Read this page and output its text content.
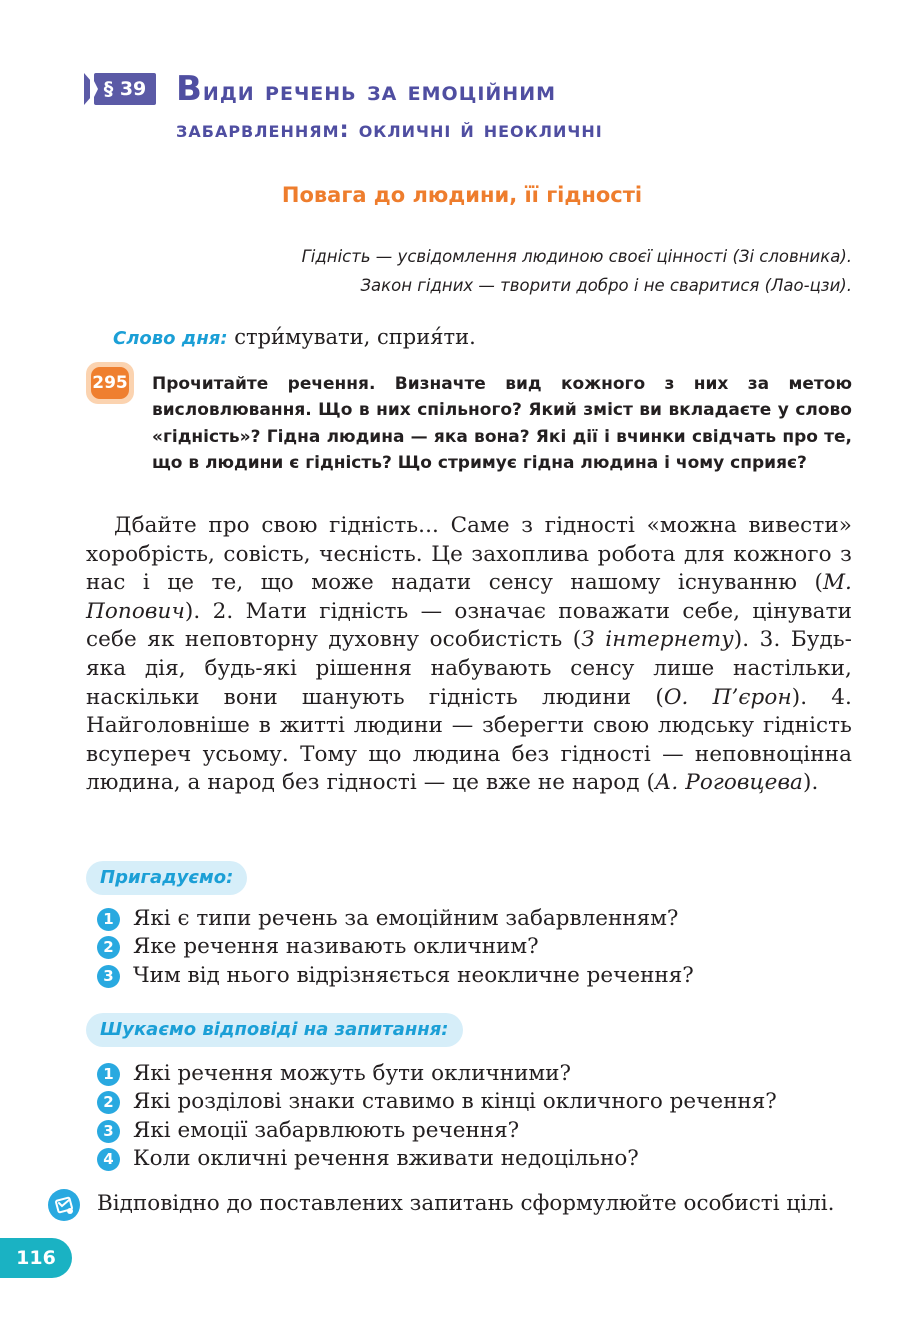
§ 39 Види речень за емоційним
забарвленням: окличні й неокличні
Повага до людини, її гідності
Гідність — усвідомлення людиною своєї цінності (Зі словника).
Закон гідних — творити добро і не сваритися (Лао-цзи).
Слово дня: стри́мувати, сприя́ти.
295 Прочитайте речення. Визначте вид кожного з них за метою висловлювання. Що в них спільного? Який зміст ви вкладаєте у слово «гідність»? Гідна людина — яка вона? Які дії і вчинки свідчать про те, що в людини є гідність? Що стримує гідна людина і чому сприяє?

Дбайте про свою гідність... Саме з гідності «можна вивести» хоробрість, совість, чесність. Це захоплива робота для кожного з нас і це те, що може надати сенсу нашому існуванню (М. Попович). 2. Мати гідність — означає поважати себе, цінувати себе як неповторну духовну особистість (З інтернету). 3. Будь-яка дія, будь-які рішення набувають сенсу лише настільки, наскільки вони шанують гідність людини (О. П’єрон). 4. Найголовніше в житті людини — зберегти свою людську гідність всупереч усьому. Тому що людина без гідності — неповноцінна людина, а народ без гідності — це вже не народ (А. Роговцева).

Пригадуємо:
1 Які є типи речень за емоційним забарвленням?
2 Яке речення називають окличним?
3 Чим від нього відрізняється неокличне речення?
Шукаємо відповіді на запитання:
1 Які речення можуть бути окличними?
2 Які розділові знаки ставимо в кінці окличного речення?
3 Які емоції забарвлюють речення?
4 Коли окличні речення вживати недоцільно?
Відповідно до поставлених запитань сформулюйте особисті цілі.
116
